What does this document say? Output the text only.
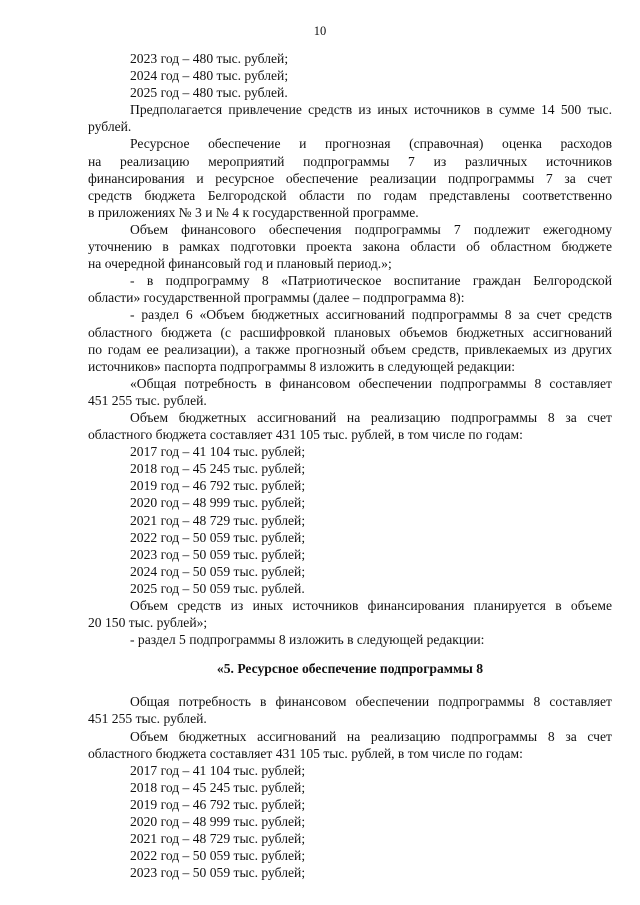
10
2023 год – 480 тыс. рублей;
2024 год – 480 тыс. рублей;
2025 год – 480 тыс. рублей.
Предполагается привлечение средств из иных источников в сумме 14 500 тыс.
рублей.
Ресурсное обеспечение и прогнозная (справочная) оценка расходов
на реализацию мероприятий подпрограммы 7 из различных источников
финансирования и ресурсное обеспечение реализации подпрограммы 7 за счет
средств бюджета Белгородской области по годам представлены соответственно
в приложениях № 3 и № 4 к государственной программе.
Объем финансового обеспечения подпрограммы 7 подлежит ежегодному
уточнению в рамках подготовки проекта закона области об областном бюджете
на очередной финансовый год и плановый период.»;
- в подпрограмму 8 «Патриотическое воспитание граждан Белгородской
области» государственной программы (далее – подпрограмма 8):
- раздел 6 «Объем бюджетных ассигнований подпрограммы 8 за счет средств
областного бюджета (с расшифровкой плановых объемов бюджетных ассигнований
по годам ее реализации), а также прогнозный объем средств, привлекаемых из других
источников» паспорта подпрограммы 8 изложить в следующей редакции:
«Общая потребность в финансовом обеспечении подпрограммы 8 составляет
451 255 тыс. рублей.
Объем бюджетных ассигнований на реализацию подпрограммы 8 за счет
областного бюджета составляет 431 105 тыс. рублей, в том числе по годам:
2017 год – 41 104 тыс. рублей;
2018 год – 45 245 тыс. рублей;
2019 год – 46 792 тыс. рублей;
2020 год – 48 999 тыс. рублей;
2021 год – 48 729 тыс. рублей;
2022 год – 50 059 тыс. рублей;
2023 год – 50 059 тыс. рублей;
2024 год – 50 059 тыс. рублей;
2025 год – 50 059 тыс. рублей.
Объем средств из иных источников финансирования планируется в объеме
20 150 тыс. рублей»;
- раздел 5 подпрограммы 8 изложить в следующей редакции:
«5. Ресурсное обеспечение подпрограммы 8
Общая потребность в финансовом обеспечении подпрограммы 8 составляет
451 255 тыс. рублей.
Объем бюджетных ассигнований на реализацию подпрограммы 8 за счет
областного бюджета составляет 431 105 тыс. рублей, в том числе по годам:
2017 год – 41 104 тыс. рублей;
2018 год – 45 245 тыс. рублей;
2019 год – 46 792 тыс. рублей;
2020 год – 48 999 тыс. рублей;
2021 год – 48 729 тыс. рублей;
2022 год – 50 059 тыс. рублей;
2023 год – 50 059 тыс. рублей;
